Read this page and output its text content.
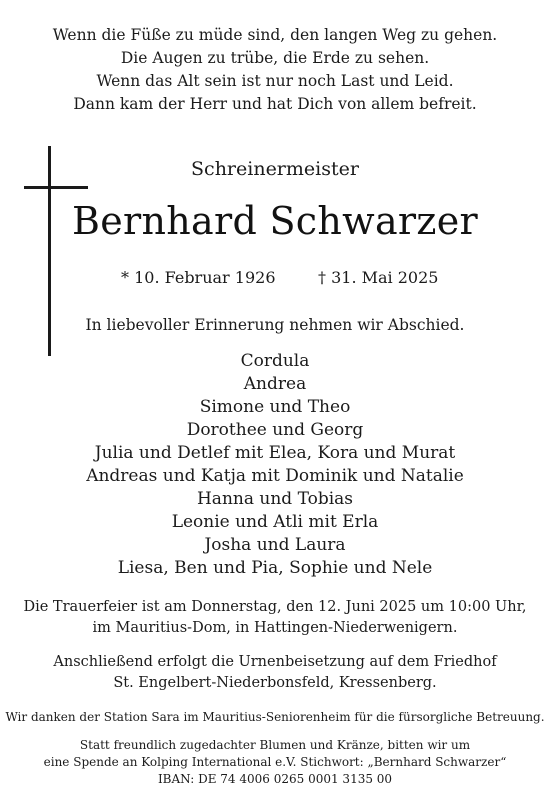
Wenn die Füße zu müde sind, den langen Weg zu gehen.
Die Augen zu trübe, die Erde zu sehen.
Wenn das Alt sein ist nur noch Last und Leid.
Dann kam der Herr und hat Dich von allem befreit.
Schreinermeister
Bernhard Schwarzer
* 10. Februar 1926	† 31. Mai 2025
In liebevoller Erinnerung nehmen wir Abschied.
Cordula
Andrea
Simone und Theo
Dorothee und Georg
Julia und Detlef mit Elea, Kora und Murat
Andreas und Katja mit Dominik und Natalie
Hanna und Tobias
Leonie und Atli mit Erla
Josha und Laura
Liesa, Ben und Pia, Sophie und Nele
Die Trauerfeier ist am Donnerstag, den 12. Juni 2025 um 10:00 Uhr,
im Mauritius-Dom, in Hattingen-Niederwenigern.
Anschließend erfolgt die Urnenbeisetzung auf dem Friedhof
St. Engelbert-Niederbonsfeld, Kressenberg.
Wir danken der Station Sara im Mauritius-Seniorenheim für die fürsorgliche Betreuung.
Statt freundlich zugedachter Blumen und Kränze, bitten wir um
eine Spende an Kolping International e.V. Stichwort: „Bernhard Schwarzer“
IBAN: DE 74 4006 0265 0001 3135 00
